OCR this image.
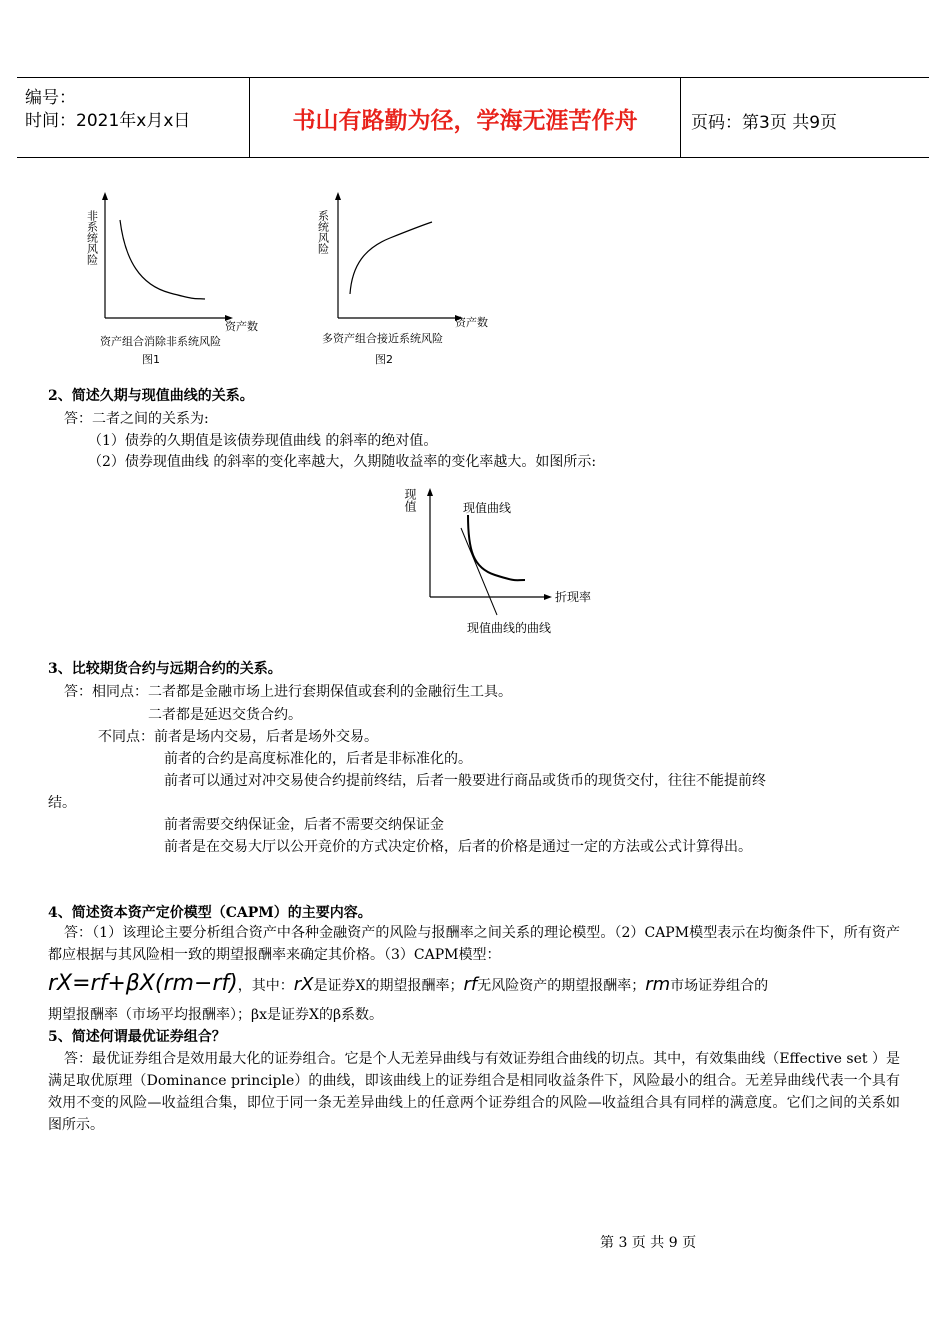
编号：
时间：2021年x月x日	书山有路勤为径，学海无涯苦作舟	页码：第3页 共9页
非系统风险
资产数
资产组合消除非系统风险
图1
系统风险
资产数
多资产组合接近系统风险
图2
2、简述久期与现值曲线的关系。
答：二者之间的关系为:
（1）债券的久期值是该债券现值曲线 的斜率的绝对值。
（2）债券现值曲线 的斜率的变化率越大，久期随收益率的变化率越大。如图所示:
现值	现值曲线
折现率
现值曲线的曲线
3、比较期货合约与远期合约的关系。
答：相同点：二者都是金融市场上进行套期保值或套利的金融衍生工具。
二者都是延迟交货合约。
不同点：前者是场内交易，后者是场外交易。
前者的合约是高度标准化的，后者是非标准化的。
前者可以通过对冲交易使合约提前终结，后者一般要进行商品或货币的现货交付，往往不能提前终
结。
前者需要交纳保证金，后者不需要交纳保证金
前者是在交易大厅以公开竞价的方式决定价格，后者的价格是通过一定的方法或公式计算得出。
4、简述资本资产定价模型（CAPM）的主要内容。
答：（1）该理论主要分析组合资产中各种金融资产的风险与报酬率之间关系的理论模型。（2）CAPM模型表示在均衡条件下，所有资产都应根据与其风险相一致的期望报酬率来确定其价格。（3）CAPM模型：
rX=rf+βX(rm−rf)，其中：rX是证券X的期望报酬率；rf无风险资产的期望报酬率；rm市场证券组合的
期望报酬率（市场平均报酬率）；βx是证券X的β系数。
5、简述何谓最优证券组合？
答：最优证券组合是效用最大化的证券组合。它是个人无差异曲线与有效证券组合曲线的切点。其中，有效集曲线（Effective set ）是满足取优原理（Dominance principle）的曲线，即该曲线上的证券组合是相同收益条件下，风险最小的组合。无差异曲线代表一个具有效用不变的风险—收益组合集，即位于同一条无差异曲线上的任意两个证券组合的风险—收益组合具有同样的满意度。它们之间的关系如图所示。
第 3 页 共 9 页
